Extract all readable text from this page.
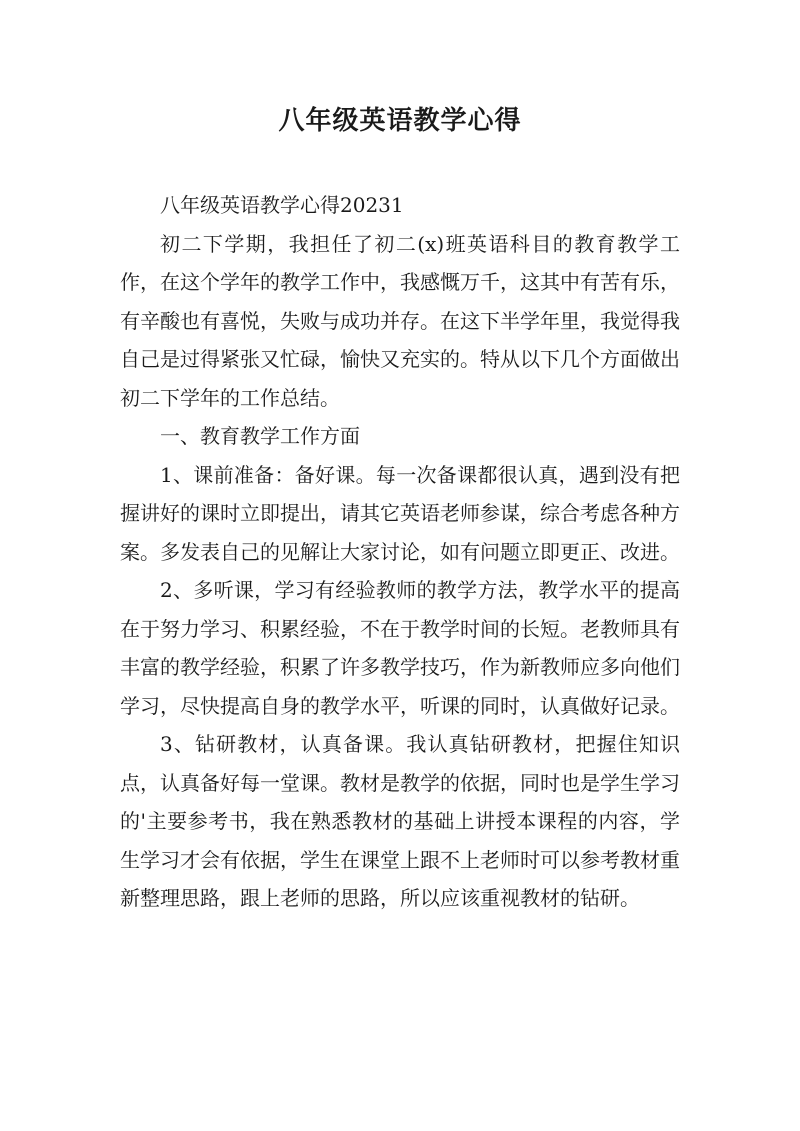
八年级英语教学心得

八年级英语教学心得20231

初二下学期，我担任了初二(x)班英语科目的教育教学工作，在这个学年的教学工作中，我感慨万千，这其中有苦有乐，有辛酸也有喜悦，失败与成功并存。在这下半学年里，我觉得我自己是过得紧张又忙碌，愉快又充实的。特从以下几个方面做出初二下学年的工作总结。

一、教育教学工作方面

1、课前准备：备好课。每一次备课都很认真，遇到没有把握讲好的课时立即提出，请其它英语老师参谋，综合考虑各种方案。多发表自己的见解让大家讨论，如有问题立即更正、改进。

2、多听课，学习有经验教师的教学方法，教学水平的提高在于努力学习、积累经验，不在于教学时间的长短。老教师具有丰富的教学经验，积累了许多教学技巧，作为新教师应多向他们学习，尽快提高自身的教学水平，听课的同时，认真做好记录。

3、钻研教材，认真备课。我认真钻研教材，把握住知识点，认真备好每一堂课。教材是教学的依据，同时也是学生学习的'主要参考书，我在熟悉教材的基础上讲授本课程的内容，学生学习才会有依据，学生在课堂上跟不上老师时可以参考教材重新整理思路，跟上老师的思路，所以应该重视教材的钻研。
